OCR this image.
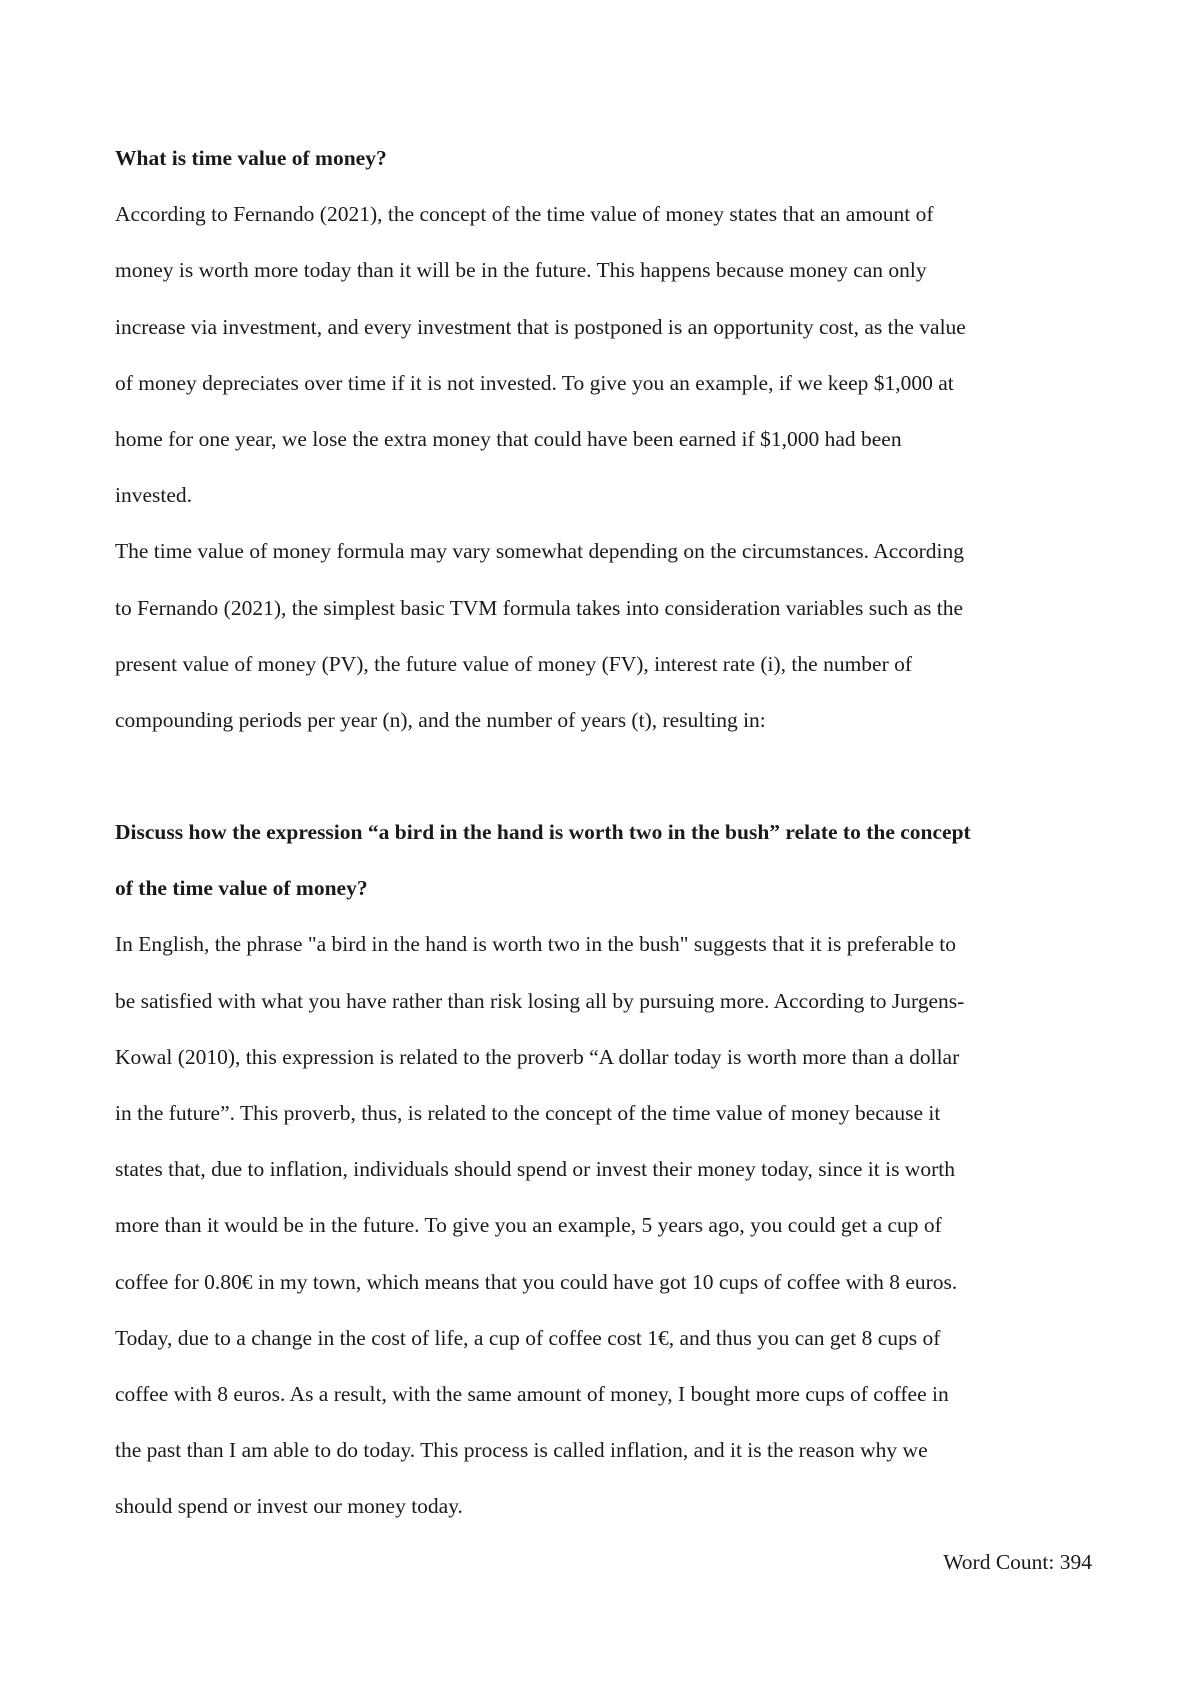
What is time value of money?
According to Fernando (2021), the concept of the time value of money states that an amount of
money is worth more today than it will be in the future. This happens because money can only
increase via investment, and every investment that is postponed is an opportunity cost, as the value
of money depreciates over time if it is not invested. To give you an example, if we keep $1,000 at
home for one year, we lose the extra money that could have been earned if $1,000 had been
invested.
The time value of money formula may vary somewhat depending on the circumstances. According
to Fernando (2021), the simplest basic TVM formula takes into consideration variables such as the
present value of money (PV), the future value of money (FV), interest rate (i), the number of
compounding periods per year (n), and the number of years (t), resulting in:
Discuss how the expression “a bird in the hand is worth two in the bush” relate to the concept
of the time value of money?
In English, the phrase "a bird in the hand is worth two in the bush" suggests that it is preferable to
be satisfied with what you have rather than risk losing all by pursuing more. According to Jurgens-
Kowal (2010), this expression is related to the proverb “A dollar today is worth more than a dollar
in the future”. This proverb, thus, is related to the concept of the time value of money because it
states that, due to inflation, individuals should spend or invest their money today, since it is worth
more than it would be in the future. To give you an example, 5 years ago, you could get a cup of
coffee for 0.80€ in my town, which means that you could have got 10 cups of coffee with 8 euros.
Today, due to a change in the cost of life, a cup of coffee cost 1€, and thus you can get 8 cups of
coffee with 8 euros. As a result, with the same amount of money, I bought more cups of coffee in
the past than I am able to do today. This process is called inflation, and it is the reason why we
should spend or invest our money today.
Word Count: 394
